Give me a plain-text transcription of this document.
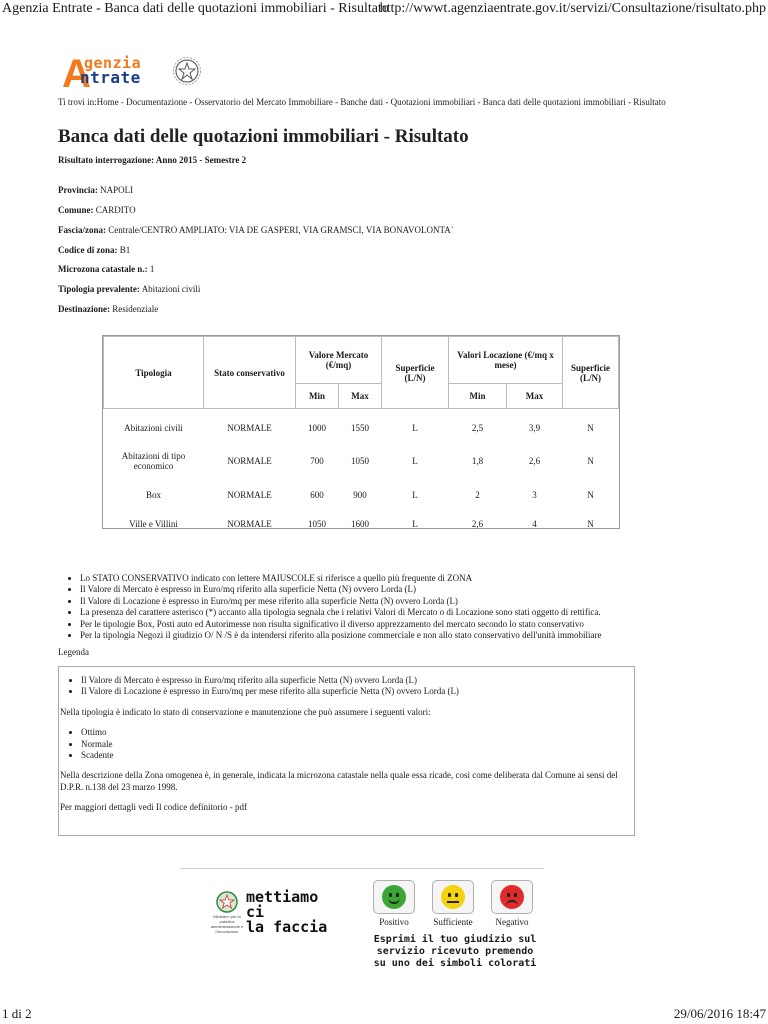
Agenzia Entrate - Banca dati delle quotazioni immobiliari - Risultato
http://wwwt.agenziaentrate.gov.it/servizi/Consultazione/risultato.php
A
genzia
ntrate
Ti trovi in:Home - Documentazione - Osservatorio del Mercato Immobiliare - Banche dati - Quotazioni immobiliari - Banca dati delle quotazioni immobiliari - Risultato
Banca dati delle quotazioni immobiliari - Risultato
Risultato interrogazione: Anno 2015 - Semestre 2
Provincia: NAPOLI
Comune: CARDITO
Fascia/zona: Centrale/CENTRO AMPLIATO: VIA DE GASPERI, VIA GRAMSCI, VIA BONAVOLONTA`
Codice di zona: B1
Microzona catastale n.: 1
Tipologia prevalente: Abitazioni civili
Destinazione: Residenziale
Tipologia	Stato conservativo	Valore Mercato (€/mq)		Superficie (L/N)	Valori Locazione (€/mq x mese)		Superficie (L/N)
		Min	Max		Min	Max	

Abitazioni civili	NORMALE	1000	1550	L	2,5	3,9	N
Abitazioni di tipo economico	NORMALE	700	1050	L	1,8	2,6	N
Box	NORMALE	600	900	L	2	3	N
Ville e Villini	NORMALE	1050	1600	L	2,6	4	N
• Lo STATO CONSERVATIVO indicato con lettere MAIUSCOLE si riferisce a quello più frequente di ZONA
• Il Valore di Mercato è espresso in Euro/mq riferito alla superficie Netta (N) ovvero Lorda (L)
• Il Valore di Locazione è espresso in Euro/mq per mese riferito alla superficie Netta (N) ovvero Lorda (L)
• La presenza del carattere asterisco (*) accanto alla tipologia segnala che i relativi Valori di Mercato o di Locazione sono stati oggetto di rettifica.
• Per le tipologie Box, Posti auto ed Autorimesse non risulta significativo il diverso apprezzamento del mercato secondo lo stato conservativo
• Per la tipologia Negozi il giudizio O/ N /S è da intendersi riferito alla posizione commerciale e non allo stato conservativo dell'unità immobiliare
Legenda
• Il Valore di Mercato è espresso in Euro/mq riferito alla superficie Netta (N) ovvero Lorda (L)
• Il Valore di Locazione è espresso in Euro/mq per mese riferito alla superficie Netta (N) ovvero Lorda (L)

Nella tipologia è indicato lo stato di conservazione e manutenzione che può assumere i seguenti valori:

• Ottimo
• Normale
• Scadente

Nella descrizione della Zona omogenea è, in generale, indicata la microzona catastale nella quale essa ricade, così come deliberata dal Comune ai sensi del D.P.R. n.138 del 23 marzo 1998.

Per maggiori dettagli vedi Il codice definitorio - pdf

Ministero per la pubblica amministrazione e l'innovazione
mettiamo ci
la faccia	Positivo	Sufficiente	Negativo

Esprimi il tuo giudizio sul servizio ricevuto premendo su uno dei simboli colorati

1 di 2	29/06/2016 18:47
